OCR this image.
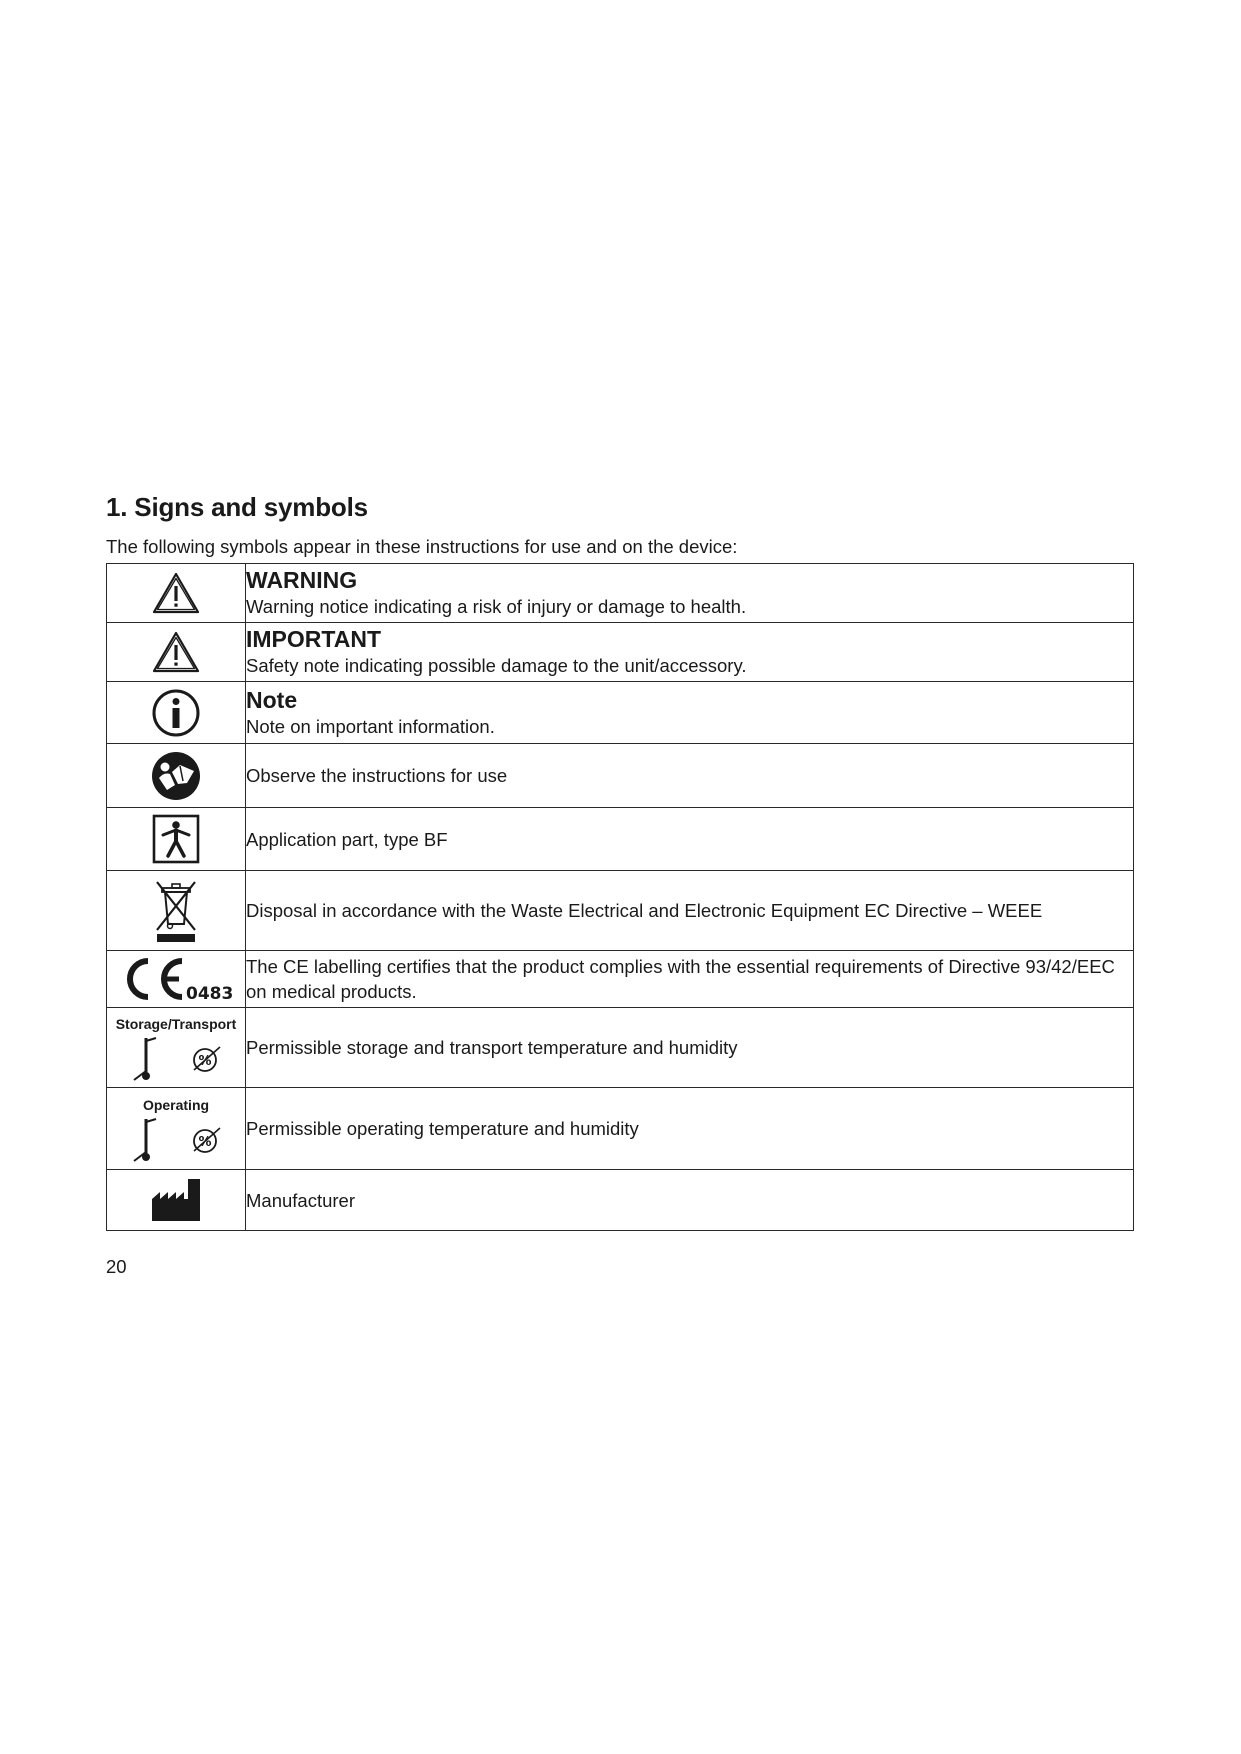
1. Signs and symbols

The following symbols appear in these instructions for use and on the device:

WARNING
Warning notice indicating a risk of injury or damage to health.

IMPORTANT
Safety note indicating possible damage to the unit/accessory.

Note
Note on important information.

Observe the instructions for use

Application part, type BF

Disposal in accordance with the Waste Electrical and Electronic Equipment EC Directive – WEEE

0483	The CE labelling certifies that the product complies with the essential requirements of Directive 93/42/EEC on medical products.

Storage/Transport
%	Permissible storage and transport temperature and humidity

Operating
%	Permissible operating temperature and humidity

Manufacturer

20
